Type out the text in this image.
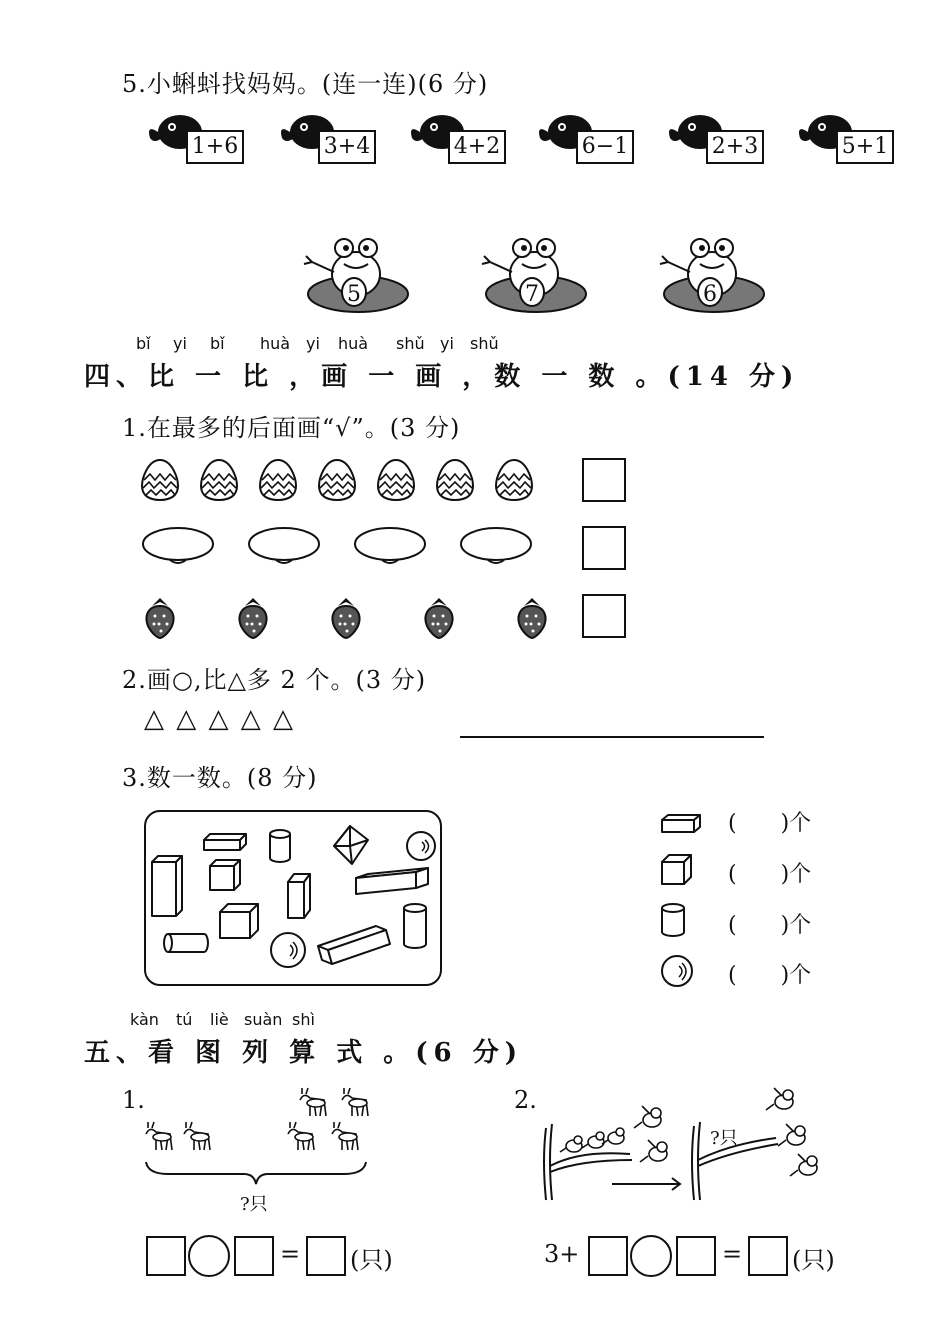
5.小蝌蚪找妈妈。(连一连)(6 分)
1+6	3+4	4+2	6−1	2+3	5+1
5	7	6
bǐ yi bǐ huà yi huà shǔ yi shǔ
四、比 一 比 ，画 一 画 ，数 一 数 。(14 分)
1.在最多的后面画“√”。(3 分)
2.画○,比△多 2 个。(3 分)
△ △ △ △ △
3.数一数。(8 分)
(　　)个
(　　)个
(　　)个
(　　)个
kàn tú liè suàn shì
五、看 图 列 算 式 。(6 分)
1.
?只
= (只)
2.
?只
3+	= (只)
